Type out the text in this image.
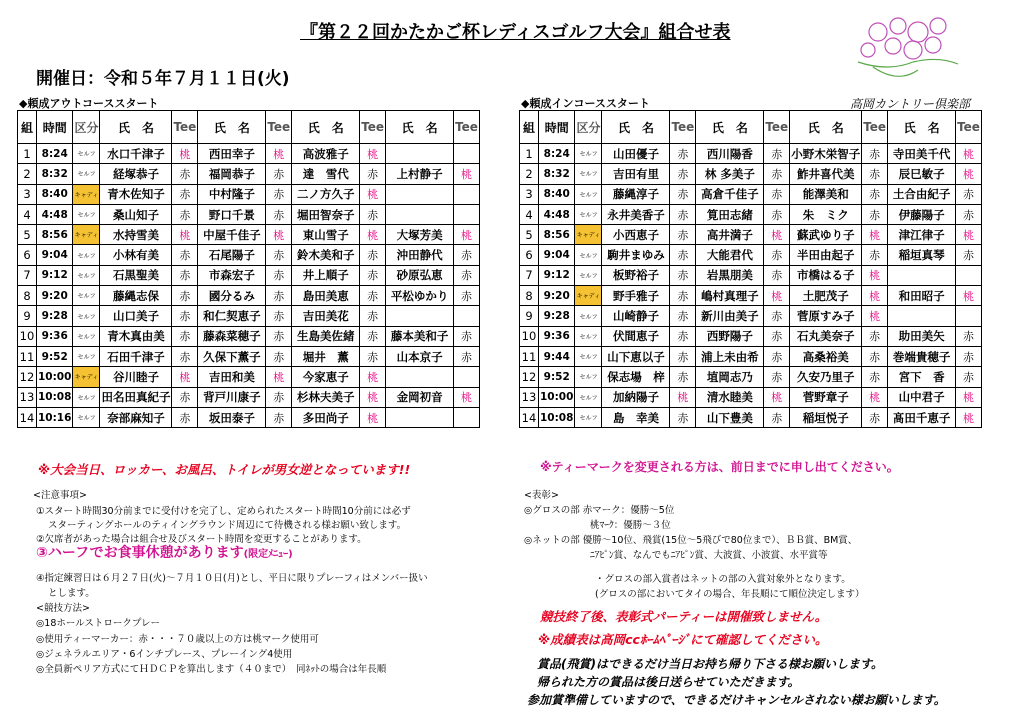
『第２２回かたかご杯レディスゴルフ大会』組合せ表
開催日：令和５年７月１１日(火)
◆頼成アウトコーススタート	◆頼成インコーススタート	高岡カントリー倶楽部
組	時間	区分	氏　名	Tee	氏　名	Tee	氏　名	Tee	氏　名	Tee
1	8:24	セルフ	水口千津子	桃	西田幸子	桃	高波雅子	桃		
2	8:32	セルフ	経塚恭子	赤	福岡恭子	赤	達　雪代	赤	上村静子	桃
3	8:40	キャディ	青木佐知子	赤	中村隆子	赤	二ノ方久子	桃		
4	4:48	セルフ	桑山知子	赤	野口千景	赤	堀田智奈子	赤		
5	8:56	キャディ	水持雪美	桃	中屋千佳子	桃	東山雪子	桃	大塚芳美	桃
6	9:04	セルフ	小林有美	赤	石尾陽子	赤	鈴木美和子	赤	沖田静代	赤
7	9:12	セルフ	石黒聖美	赤	市森宏子	赤	井上順子	赤	砂原弘恵	赤
8	9:20	セルフ	藤縄志保	赤	國分るみ	赤	島田美恵	赤	平松ゆかり	赤
9	9:28	セルフ	山口美子	赤	和仁契恵子	赤	吉田美花	赤		
10	9:36	セルフ	青木真由美	赤	藤森菜穂子	赤	生島美佐緒	赤	藤本美和子	赤
11	9:52	セルフ	石田千津子	赤	久保下薫子	赤	堀井　薫	赤	山本京子	赤
12	10:00	キャディ	谷川睦子	桃	吉田和美	桃	今家恵子	桃		
13	10:08	セルフ	田名田真紀子	赤	背戸川康子	赤	杉林夫美子	桃	金岡初音	桃
14	10:16	セルフ	奈部麻知子	赤	坂田泰子	赤	多田尚子	桃		
組	時間	区分	氏　名	Tee	氏　名	Tee	氏　名	Tee	氏　名	Tee
1	8:24	セルフ	山田優子	赤	西川陽香	赤	小野木栄智子	赤	寺田美千代	桃
2	8:32	セルフ	吉田有里	赤	林 多美子	赤	鮓井喜代美	赤	辰巳敏子	桃
3	8:40	セルフ	藤縄淳子	赤	高倉千佳子	赤	能澤美和	赤	土合由紀子	赤
4	4:48	セルフ	永井美香子	赤	筧田志緒	赤	朱　ミク	赤	伊藤陽子	赤
5	8:56	キャディ	小西恵子	赤	高井満子	桃	蘇武ゆり子	桃	津江律子	桃
6	9:04	セルフ	駒井まゆみ	赤	大能君代	赤	半田由起子	赤	稲垣真琴	赤
7	9:12	セルフ	板野裕子	赤	岩黒朋美	赤	市橋はる子	桃		
8	9:20	キャディ	野手雅子	赤	嶋村真理子	桃	土肥茂子	桃	和田昭子	桃
9	9:28	セルフ	山崎静子	赤	新川由美子	赤	菅原すみ子	桃		
10	9:36	セルフ	伏間恵子	赤	西野陽子	赤	石丸美奈子	赤	助田美矢	赤
11	9:44	セルフ	山下恵以子	赤	浦上未由希	赤	高桑裕美	赤	巻端貴穂子	赤
12	9:52	セルフ	保志場　梓	赤	埴岡志乃	赤	久安乃里子	赤	宮下　香	赤
13	10:00	セルフ	加納陽子	桃	清水睦美	桃	菅野章子	桃	山中君子	桃
14	10:08	セルフ	島　幸美	赤	山下豊美	赤	稲垣悦子	赤	髙田千恵子	桃
※大会当日、ロッカー、お風呂、トイレが男女逆となっています!!	※ティーマークを変更される方は、前日までに申し出てください。
<注意事項>
①スタート時間30分前までに受付けを完了し、定められたスタート時間10分前には必ず
スターティングホールのティイングラウンド周辺にて待機される様お願い致します。
②欠席者があった場合は組合せ及びスタート時間を変更することがあります。
③ハーフでお食事休憩があります(限定ﾒﾆｭｰ)
④指定練習日は６月２７日(火)～７月１０日(月)とし、平日に限りプレーフィはメンバー扱い
とします。
<競技方法>
◎18ホールストロークプレー
◎使用ティーマーカー：赤・・・７０歳以上の方は桃マーク使用可
◎ジェネラルエリア・6インチプレース、プレーイング4使用
◎全員新ペリア方式にてＨＤＣＰを算出します（４０まで）　同ﾈｯﾄの場合は年長順
<表彰>
◎グロスの部 赤マーク：優勝～5位
桃ﾏｰｸ：優勝～３位
◎ネットの部 優勝～10位、飛賞(15位～5飛びで80位まで）、ＢＢ賞、BM賞、
ﾆｱﾋﾟﾝ賞、なんでもﾆｱﾋﾟﾝ賞、大波賞、小波賞、水平賞等
・グロスの部入賞者はネットの部の入賞対象外となります。
(グロスの部においてタイの場合、年長順にて順位決定します）
競技終了後、表彰式パーティーは開催致しません。
※成績表は高岡ccﾎｰﾑﾍﾟｰｼﾞにて確認してください。
賞品(飛賞)はできるだけ当日お持ち帰り下さる様お願いします。
帰られた方の賞品は後日送らせていただきます。
参加賞準備していますので、できるだけキャンセルされない様お願いします。
